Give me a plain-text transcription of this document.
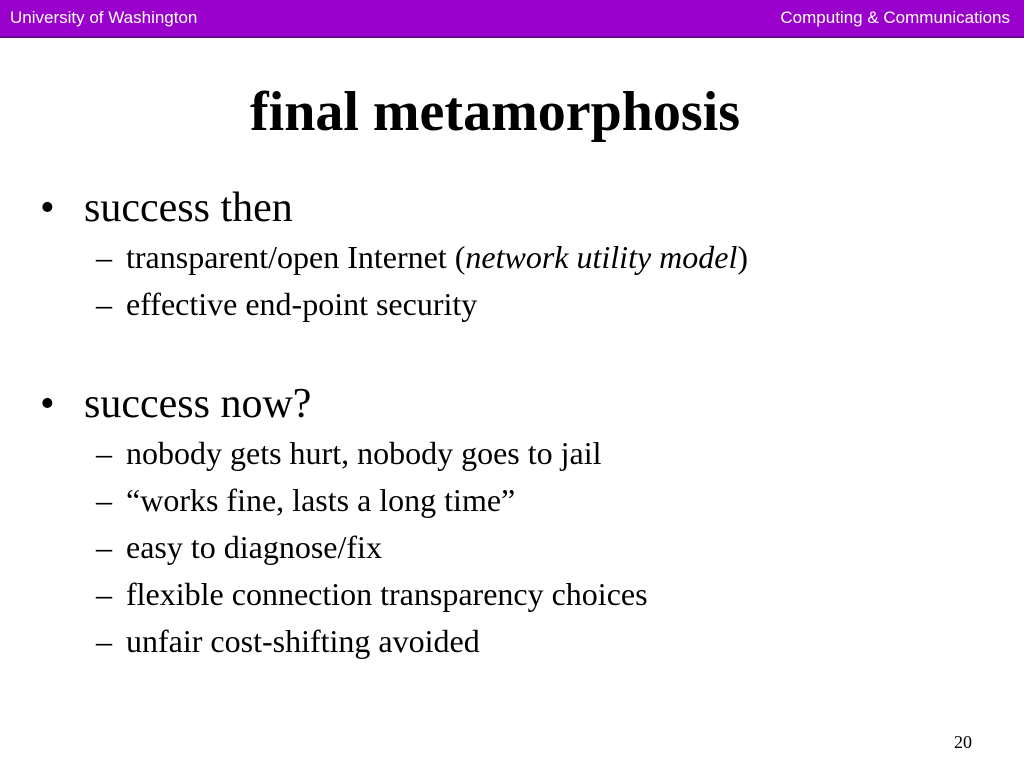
University of Washington	Computing & Communications
final metamorphosis
• success then
– transparent/open Internet (network utility model)
– effective end-point security
• success now?
– nobody gets hurt, nobody goes to jail
– “works fine, lasts a long time”
– easy to diagnose/fix
– flexible connection transparency choices
– unfair cost-shifting avoided
20
